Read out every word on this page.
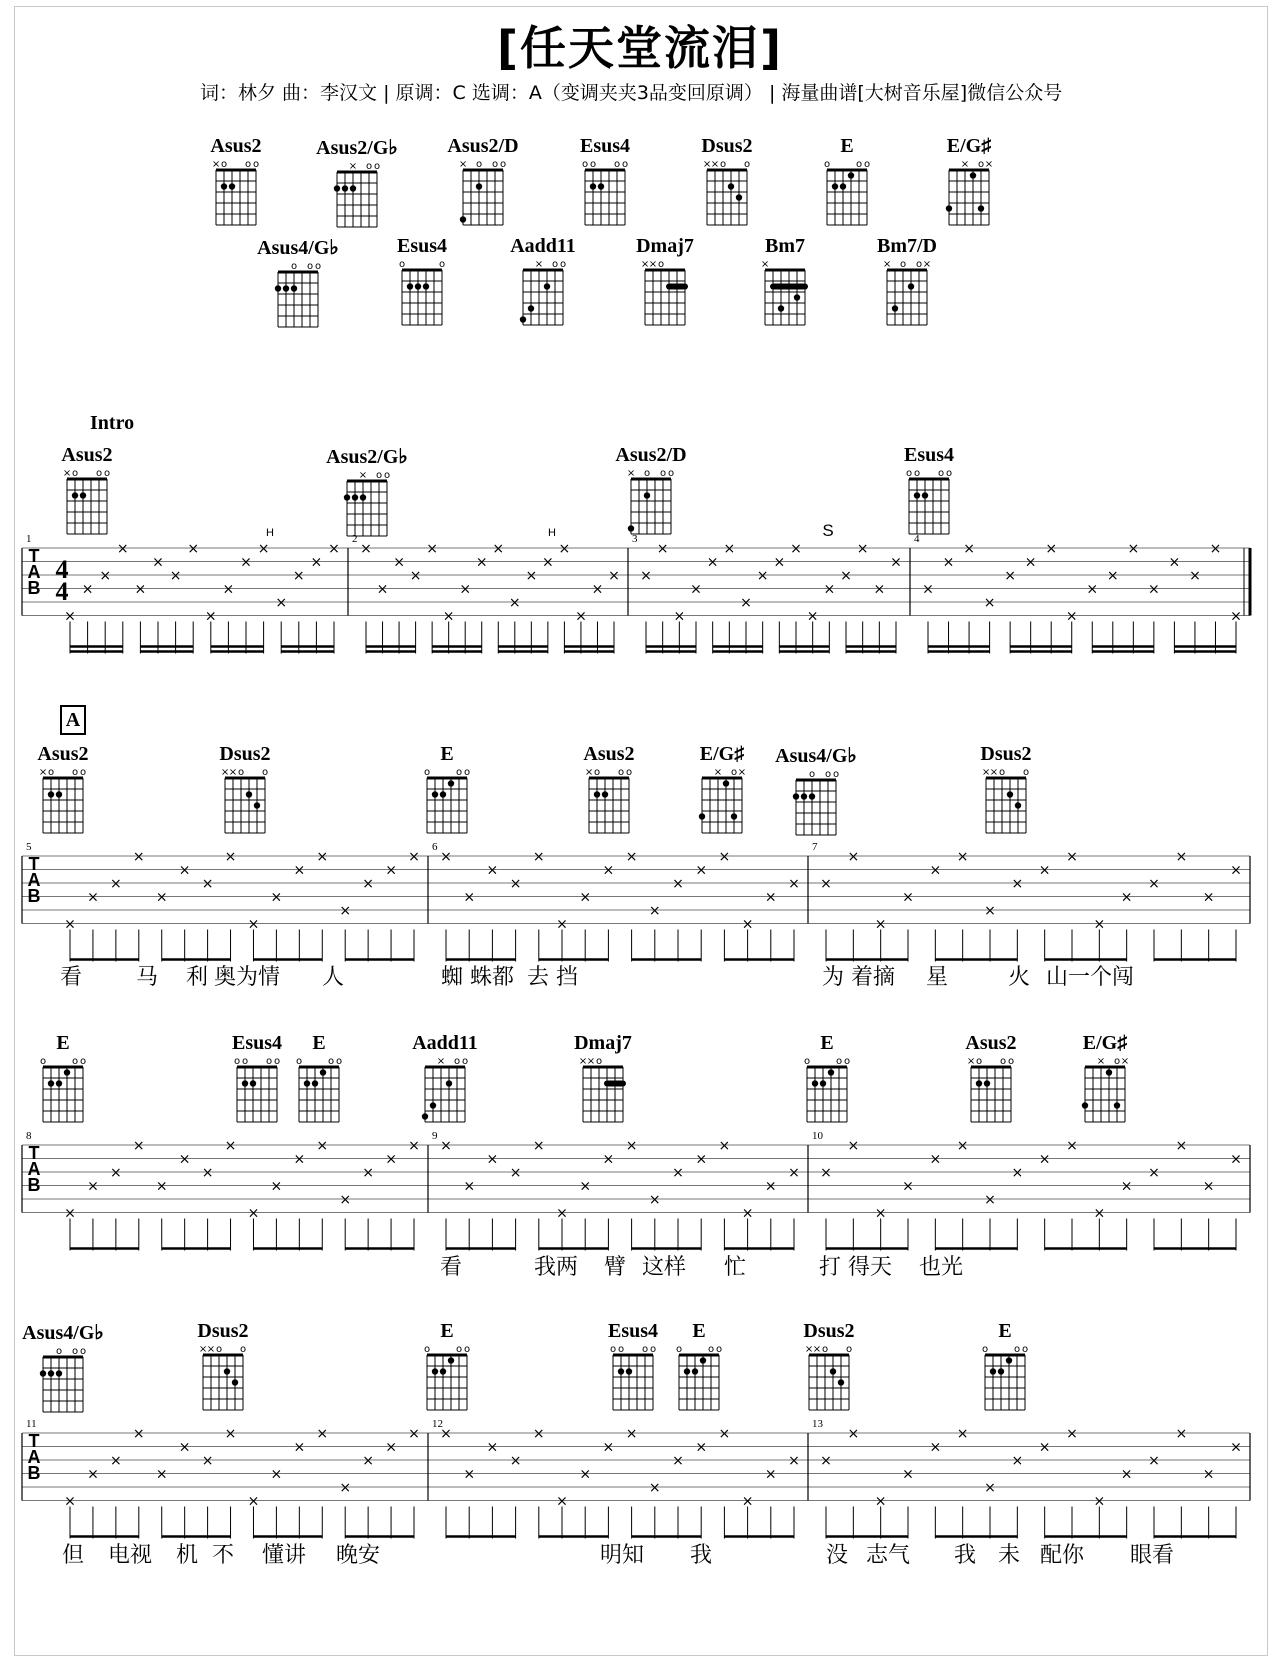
[任天堂流泪]
词：林夕 曲：李汉文 | 原调：C 选调：A（变调夹夹3品变回原调） | 海量曲谱[大树音乐屋]微信公众号
Asus2
× o o o
Asus2/G♭
× o o
Asus2/D
× o o o
Esus4
o o o o
Dsus2
× × o o
E
o	o o
E/G♯
× o ×
Asus4/G♭
o o o
Esus4
o	o
Aadd11
× o o
Dmaj7
× × o
Bm7
×
Bm7/D
× o o ×
Intro
A
Asus2
× o o o
Asus2/G♭
× o o
Asus2/D
× o o o
Esus4
o o o o
Asus2
× o o o
Dsus2
× × o o
E
o	o o
Asus2
× o o o
E/G♯
× o ×
Asus4/G♭
o o o
Dsus2
× × o o
E
o	o o
Esus4
o o o o
E
o	o o
Aadd11
× o o
Dmaj7
× × o
E
o	o o
Asus2
× o o o
E/G♯
× o ×
Asus4/G♭
o o o
Dsus2
× × o o
E
o	o o
Esus4
o o o o
E
o	o o
Dsus2
× × o o
E
o	o o
T
A
B
4
4
1	2	3	4
×
×
×
×
×
×
×
×
×
×
×
×
×
×
×
× ×
×
×
×
×
×
×
×
×
×
×
×
×
×
×
× ×
×
×
×
×
×
×
×
×
×
×
×
×
×
×
×
×
×
×
×
×
×
×
×
×
×
×
×
×
×
×
×
T
A
B
5	6	7
×
×
×
×
×
×
×
×
×
×
×
×
×
×
×
× ×
×
×
×
×
×
×
×
×
×
×
×
×
×
×
× ×
×
×
×
×
×
×
×
×
×
×
×
×
×
×
×
T
A
B
8	9	10
×
×
×
×
×
×
×
×
×
×
×
×
×
×
×
× ×
×
×
×
×
×
×
×
×
×
×
×
×
×
×
× ×
×
×
×
×
×
×
×
×
×
×
×
×
×
×
×
T
A
B
11	12	13
×
×
×
×
×
×
×
×
×
×
×
×
×
×
×
× ×
×
×
×
×
×
×
×
×
×
×
×
×
×
×
× ×
×
×
×
×
×
×
×
×
×
×
×
×
×
×
×
H	H	S
看 马 利 奥为情 人	蜘 蛛都 去 挡	为 着摘 星	火 山一个闯
看	我两 臂 这样 忙	打 得天 也光
但 电视 机 不 懂讲 晚安	明知 我	没 志气 我 未 配你 眼看
